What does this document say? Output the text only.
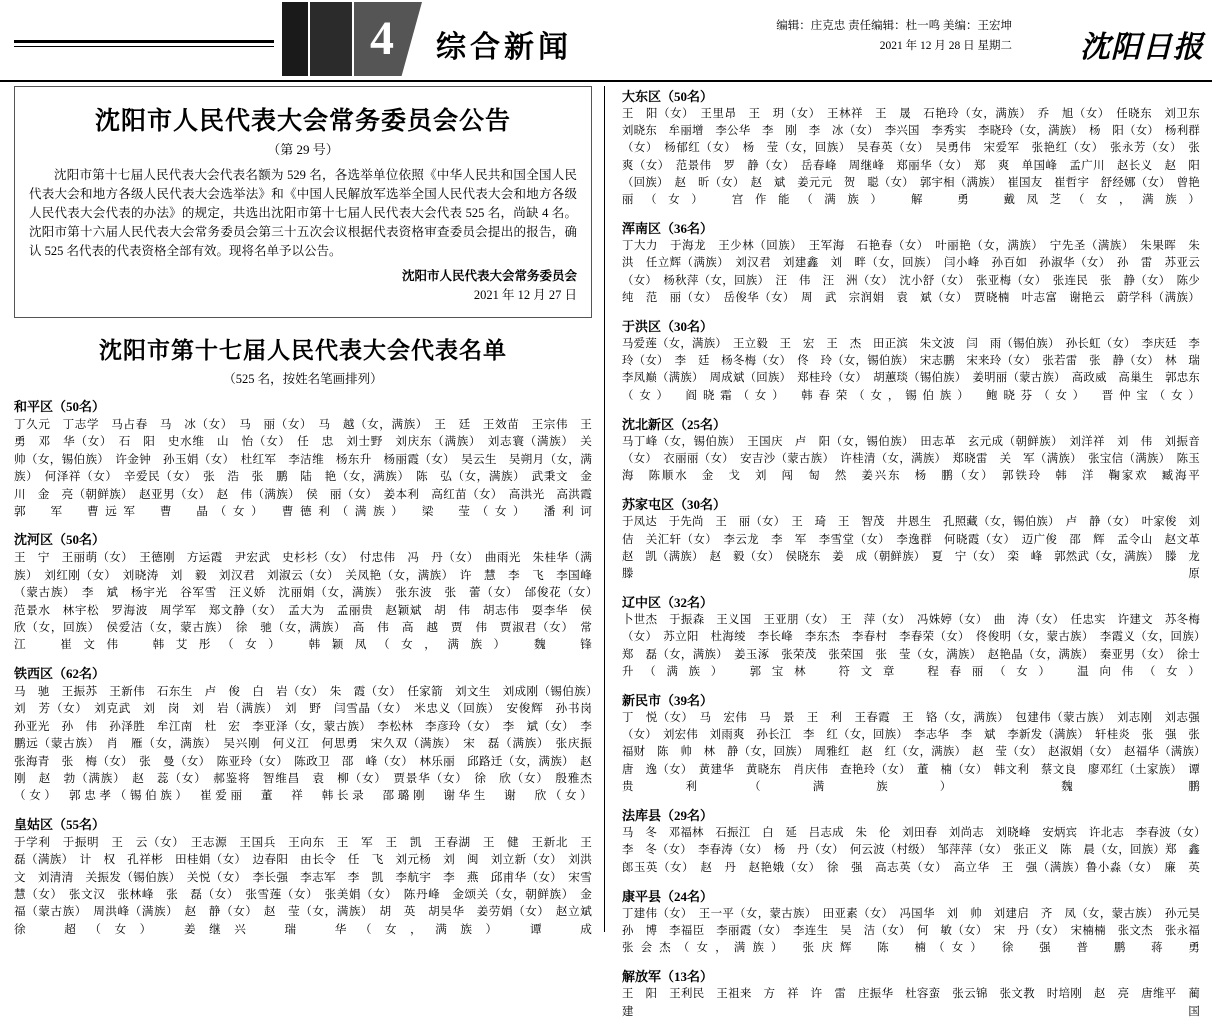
4	综合新闻
编辑：庄克忠 责任编辑：杜一鸣 美编：王宏坤
2021 年 12 月 28 日 星期二 沈阳日报
沈阳市人民代表大会常务委员会公告
（第 29 号）

沈阳市第十七届人民代表大会代表名额为 529 名，各选举单位依照《中华人民共和国全国人民代表大会和地方各级人民代表大会选举法》和《中国人民解放军选举全国人民代表大会和地方各级人民代表大会代表的办法》的规定，共选出沈阳市第十七届人民代表大会代表 525 名，尚缺 4 名。沈阳市第十六届人民代表大会常务委员会第三十五次会议根据代表资格审查委员会提出的报告，确认 525 名代表的代表资格全部有效。现将名单予以公告。

沈阳市人民代表大会常务委员会
2021 年 12 月 27 日
沈阳市第十七届人民代表大会代表名单
（525 名，按姓名笔画排列）
和平区（50名）
丁久元　丁志学　马占春　马　冰（女）　马　丽（女）　马　越（女，满族）　王　廷　王效苗　王宗伟　王　勇　邓　华（女）　石　阳　史水维　山　怡（女）　任　忠　刘士野　刘庆东（满族）　刘志寰（满族）　关　帅（女，锡伯族）　许金钟　孙玉娟（女）　杜红军　李洁维　杨东升　杨丽霞（女）　吴云生　吴朔月（女，满族）　何泽祥（女）　辛爱民（女）　张　浩　张　鹏　陆　艳（女，满族）　陈　弘（女，满族）　武秉文　金　川　金　亮（朝鲜族）　赵亚男（女）　赵　伟（满族）　侯　丽（女）　姜本利　高红苗（女）　高洪光　高洪霞　郭　军　曹远军　曹　晶（女）　曹德利（满族）　梁　莹（女）　潘利诃
沈河区（50名）
王　宁　王丽萌（女）　王德刚　方运霞　尹宏武　史杉杉（女）　付忠伟　冯　丹（女）　曲雨光　朱桂华（满族）　刘红刚（女）　刘晓涛　刘　毅　刘汉君　刘淑云（女）　关凤艳（女，满族）　许　慧　李　飞　李国峰（蒙古族）　李　斌　杨宇光　谷军雪　汪义娇　沈丽娟（女，满族）　张东波　张　蕾（女）　邰俊花（女）　范景水　林宇松　罗海波　周学军　郑文静（女）　孟大为　孟丽贵　赵颖斌　胡　伟　胡志伟　耍李华　侯　欣（女，回族）　侯爱洁（女，蒙古族）　徐　驰（女，满族）　高　伟　高　越　贾　伟　贾淑君（女）　常　江　崔文伟　韩艾彤（女）　韩颖凤（女，满族）　魏　锋
铁西区（62名）
马　驰　王振苏　王新伟　石东生　卢　俊　白　岩（女）　朱　霞（女）　任家箭　刘文生　刘成刚（锡伯族）　刘　芳（女）　刘克武　刘　岗　刘　岩（满族）　刘　野　闫雪晶（女）　米忠义（回族）　安俊辉　孙书岗　孙亚光　孙　伟　孙泽胜　牟江南　杜　宏　李亚泽（女，蒙古族）　李松林　李彦玲（女）　李　斌（女）　李鹏远（蒙古族）　肖　雁（女，满族）　吴兴刚　何义江　何思勇　宋久双（满族）　宋　磊（满族）　张庆振　张海青　张　梅（女）　张　曼（女）　陈亚玲（女）　陈政卫　邵　峰（女）　林乐丽　邱路迁（女，满族）　赵　刚　赵　勃（满族）　赵　蕊（女）　郝鉴将　智维昌　袁　柳（女）　贾景华（女）　徐　欣（女）　殷雅杰（女）　郭忠孝（锡伯族）　崔爱丽　董　祥　韩长录　邵璐刚　谢华生　谢　欣（女）
皇姑区（55名）
于学利　于振明　王　云（女）　王志源　王国兵　王向东　王　军　王　凯　王春湖　王　健　王新北　王　磊（满族）　计　权　孔祥彬　田桂娟（女）　边春阳　由长令　任　飞　刘元杨　刘　闽　刘立新（女）　刘洪文　刘清清　关振发（锡伯族）　关悦（女）　李长强　李志军　李　凯　李航宇　李　燕　邱甫华（女）　宋雪慧（女）　张文汉　张林峰　张　磊（女）　张雪莲（女）　张美娟（女）　陈丹峰　金颂关（女，朝鲜族）　金　福（蒙古族）　周洪峰（满族）　赵　静（女）　赵　莹（女，满族）　胡　英　胡吴华　姜劳娟（女）　赵立斌　徐　超（女）　姜继兴　瑞　华（女，满族）　谭　成
大东区（50名）
王　阳（女）　王里昂　王　玥（女）　王林祥　王　晟　石艳玲（女，满族）　乔　旭（女）　任晓东　刘卫东　刘晓东　牟丽增　李公华　李　刚　李　冰（女）　李兴国　李秀实　李晓玲（女，满族）　杨　阳（女）　杨利群（女）　杨郁红（女）　杨　莹（女，回族）　吴春英（女）　吴勇伟　宋爱军　张艳红（女）　张永芳（女）　张　爽（女）　范景伟　罗　静（女）　岳春峰　周继峰　郑丽华（女）　郑　爽　单国峰　孟广川　赵长义　赵　阳（回族）　赵　昕（女）　赵　斌　姜元元　贺　聪（女）　郭宇相（满族）　崔国友　崔哲宇　舒经娜（女）　曾艳丽（女）　宫作能（满族）　解　勇　戴凤芝（女，满族）
浑南区（36名）
丁大力　于海龙　王少林（回族）　王军海　石艳春（女）　叶丽艳（女，满族）　宁先圣（满族）　朱果晖　朱　洪　任立辉（满族）　刘汉君　刘建鑫　刘　畔（女，回族）　闫小峰　孙百如　孙淑华（女）　孙　雷　苏亚云（女）　杨秋萍（女，回族）　汪　伟　汪　洲（女）　沈小舒（女）　张亚梅（女）　张连民　张　静（女）　陈少纯　范　丽（女）　岳俊华（女）　周　武　宗润娟　袁　斌（女）　贾晓楠　叶志富　谢艳云　蔚学科（满族）
于洪区（30名）
马爱莲（女，满族）　王立毅　王　宏　王　杰　田正滨　朱文波　闫　雨（锡伯族）　孙长虹（女）　李庆廷　李　玲（女）　李　廷　杨冬梅（女）　佟　玲（女，锡伯族）　宋志鹏　宋来玲（女）　张若雷　张　静（女）　林　瑞　李凤巅（满族）　周成斌（回族）　郑桂玲（女）　胡蕙琰（锡伯族）　姜明丽（蒙古族）　高政威　高巢生　郭忠东（女）　阎晓霜（女）　韩春荣（女，锡伯族）　鲍晓芬（女）　晋仲宝（女）
沈北新区（25名）
马丁峰（女，锡伯族）　王国庆　卢　阳（女，锡伯族）　田志革　玄元成（朝鲜族）　刘洋祥　刘　伟　刘振音（女）　衣丽丽（女）　安吉沙（蒙古族）　许桂清（女，满族）　郑晓雷　关　军（满族）　张宝信（满族）　陈玉海　陈顺水　金　戈　刘　闯　匋　然　姜兴东　杨　鹏（女）　郭铁玲　韩　洋　鞠家欢　臧海平
苏家屯区（30名）
于凤达　于先尚　王　丽（女）　王　琦　王　智茂　井恩生　孔照藏（女，锡伯族）　卢　静（女）　叶家俊　刘　佶　关汇轩（女）　李云龙　李　军　李雪堂（女）　李逸群　何晓霞（女）　迈广俊　邵　辉　孟令山　赵文革　赵　凯（满族）　赵　毅（女）　侯晓东　姜　成（朝鲜族）　夏　宁（女）　栾　峰　郭然武（女，满族）　滕　龙　滕　原
辽中区（32名）
卜世杰　于振森　王义国　王亚朋（女）　王　萍（女）　冯姝婷（女）　曲　涛（女）　任忠实　许建文　苏冬梅（女）　苏立阳　杜海绫　李长峰　李东杰　李春村　李春荣（女）　佟俊明（女，蒙古族）　李霞义（女，回族）　郑　磊（女，满族）　姜玉涿　张荣茂　张荣国　张　莹（女，满族）　赵艳晶（女，满族）　秦亚男（女）　徐士升（满族）　郭宝林　符文章　程春丽（女）　温向伟（女）
新民市（39名）
丁　悦（女）　马　宏伟　马　景　王　利　王春霞　王　铬（女，满族）　包建伟（蒙古族）　刘志刚　刘志强（女）　刘宏伟　刘雨爽　孙长江　李　红（女，回族）　李志华　李　斌　李新发（满族）　轩桂炎　张　强　张福财　陈　帅　林　静（女，回族）　周雅红　赵　红（女，满族）　赵　莹（女）　赵淑娟（女）　赵福华（满族）　唐　逸（女）　黄建华　黄晓东　肖庆伟　查艳玲（女）　董　楠（女）　韩文利　蔡文良　廖邓红（土家族）　谭贵利（满族）　魏　鹏
法库县（29名）
马　冬　邓福林　石振江　白　延　吕志成　朱　伦　刘田春　刘尚志　刘晓峰　安炳宾　许北志　李春波（女）　李　冬（女）　李春涛（女）　杨　丹（女）　何云波（村级）　邹萍萍（女）　张正义　陈　晨（女，回族）郑　鑫　郎玉英（女）　赵　丹　赵艳娥（女）　徐　强　高志英（女）　高立华　王　强（满族）鲁小淼（女）　廉　英
康平县（24名）
丁建伟（女）　王一平（女，蒙古族）　田亚素（女）　冯国华　刘　帅　刘建启　齐　凤（女，蒙古族）　孙元昊　孙　博　李福臣　李丽霞（女）　李连生　吴　洁（女）　何　敏（女）　宋　丹（女）　宋楠楠　张文杰　张永福　张会杰（女，满族）　张庆辉　陈　楠（女）　徐　强　普　鹏　蒋　勇
解放军（13名）
王　阳　王利民　王祖来　方　祥　许　雷　庄振华　杜容蛮　张云锦　张文教　时培刚　赵　亮　唐维平　蔺建国
